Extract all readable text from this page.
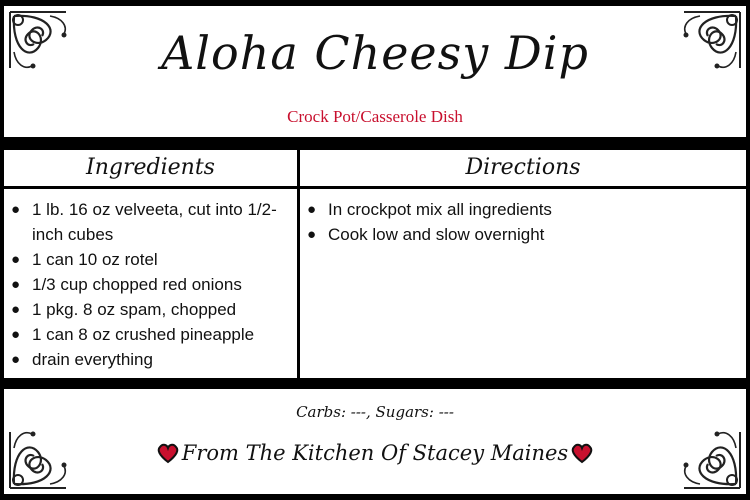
Aloha Cheesy Dip
Crock Pot/Casserole Dish
Ingredients
● 1 lb. 16 oz velveeta, cut into 1/2-inch cubes
● 1 can 10 oz rotel
● 1/3 cup chopped red onions
● 1 pkg. 8 oz spam, chopped
● 1 can 8 oz crushed pineapple
● drain everything
Directions
● In crockpot mix all ingredients
● Cook low and slow overnight
Carbs: ---, Sugars: ---
From The Kitchen Of Stacey Maines
